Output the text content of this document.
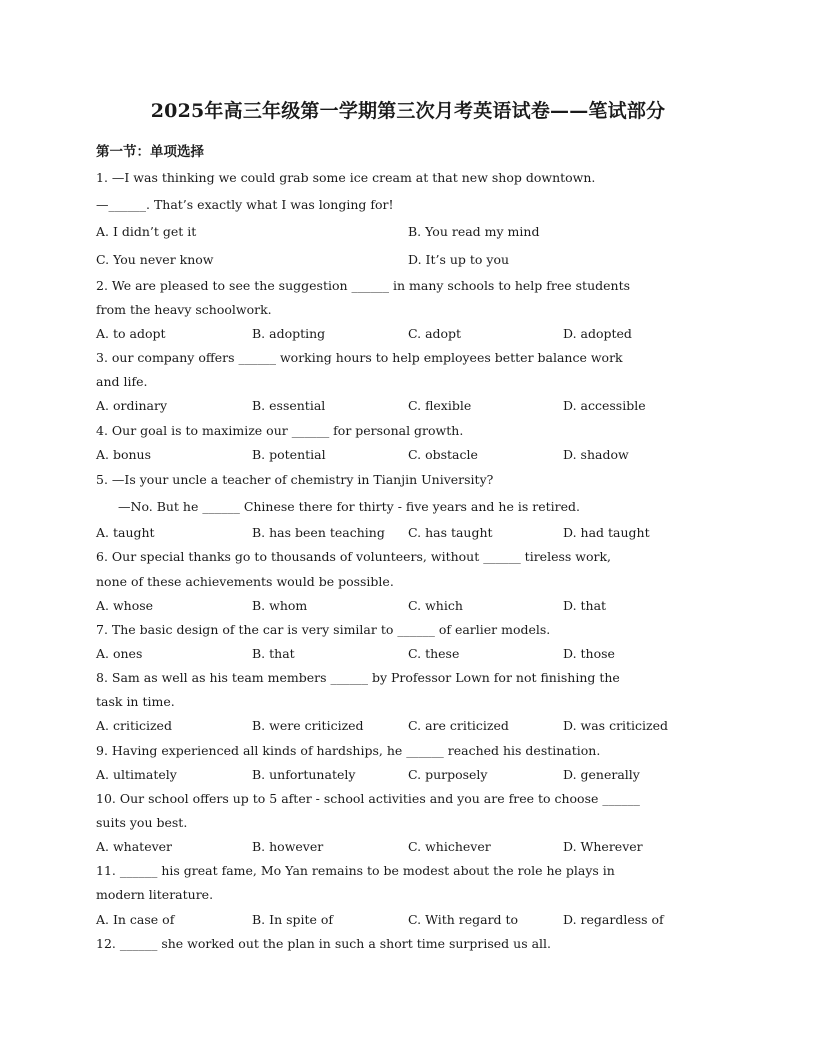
2025年高三年级第一学期第三次月考英语试卷——笔试部分
第一节：单项选择
1. —I was thinking we could grab some ice cream at that new shop downtown.
—______. That’s exactly what I was longing for!
A. I didn’t get it	B. You read my mind
C. You never know	D. It’s up to you
2. We are pleased to see the suggestion ______ in many schools to help free students
from the heavy schoolwork.
A. to adopt	B. adopting	C. adopt	D. adopted
3. our company offers ______ working hours to help employees better balance work
and life.
A. ordinary	B. essential	C. flexible	D. accessible
4. Our goal is to maximize our ______ for personal growth.
A. bonus	B. potential	C. obstacle	D. shadow
5. —Is your uncle a teacher of chemistry in Tianjin University?
—No. But he ______ Chinese there for thirty - five years and he is retired.
A. taught	B. has been teaching C. has taught	D. had taught
6. Our special thanks go to thousands of volunteers, without ______ tireless work,
none of these achievements would be possible.
A. whose	B. whom	C. which	D. that
7. The basic design of the car is very similar to ______ of earlier models.
A. ones	B. that	C. these	D. those
8. Sam as well as his team members ______ by Professor Lown for not finishing the
task in time.
A. criticized	B. were criticized	C. are criticized	D. was criticized
9. Having experienced all kinds of hardships, he ______ reached his destination.
A. ultimately	B. unfortunately	C. purposely	D. generally
10. Our school offers up to 5 after - school activities and you are free to choose ______
suits you best.
A. whatever	B. however	C. whichever	D. Wherever
11. ______ his great fame, Mo Yan remains to be modest about the role he plays in
modern literature.
A. In case of	B. In spite of	C. With regard to	D. regardless of
12. ______ she worked out the plan in such a short time surprised us all.
